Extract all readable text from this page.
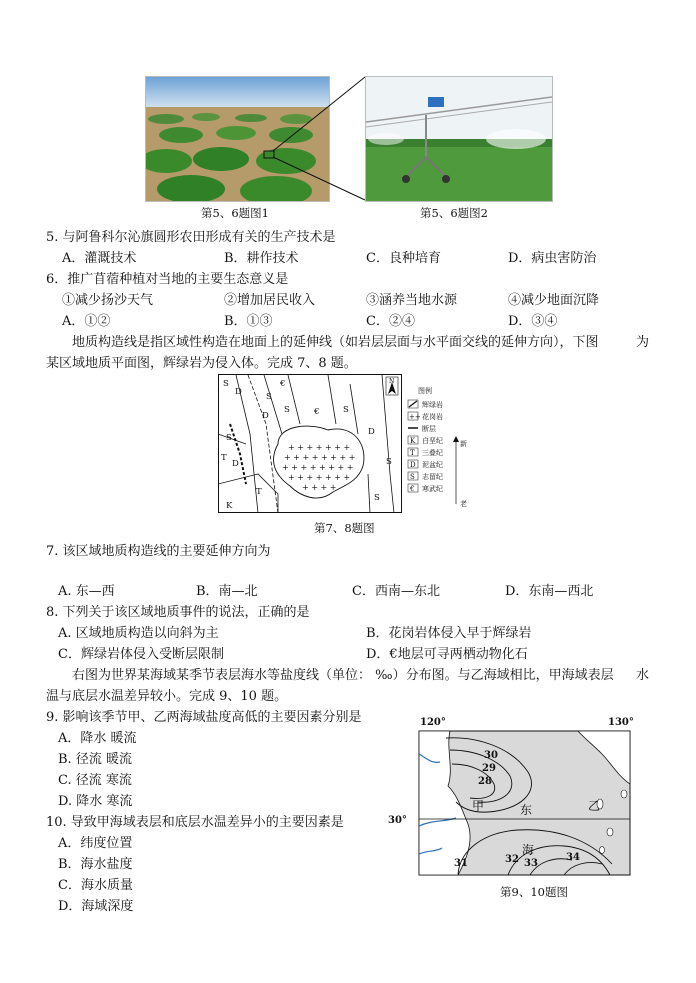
第5、6题图1	第5、6题图2
5. 与阿鲁科尔沁旗圆形农田形成有关的生产技术是
A．灌溉技术	B．耕作技术	C．良种培育	D．病虫害防治
6．推广苜蓿种植对当地的主要生态意义是
①减少扬沙天气	②增加居民收入	③涵养当地水源	④减少地面沉降
A．①②	B．①③	C．②④	D．③④
地质构造线是指区域性构造在地面上的延伸线（如岩层层面与水平面交线的延伸方向），下图	为
某区域地质平面图，辉绿岩为侵入体。完成 7、8 题。
+ + + + + + +
+ + + + + + + +
+ + + + + + + +
+ + + + + + +
+ + + +
N
S
D
€
S
D
S	€	S
D
S
T
T
K
S
D
S
图例
辉绿岩
++ 花岗岩
断层
K 白垩纪
T 三叠纪
D 泥盆纪
S 志留纪
€ 寒武纪
新
老
第7、8题图
7. 该区域地质构造线的主要延伸方向为
A. 东—西	B．南—北	C．西南—东北	D．东南—西北
8. 下列关于该区域地质事件的说法，正确的是
A. 区域地质构造以向斜为主	B．花岗岩体侵入早于辉绿岩
C．辉绿岩体侵入受断层限制	D．€地层可寻两栖动物化石
右图为世界某海域某季节表层海水等盐度线（单位： ‰）分布图。与乙海域相比，甲海域表层 水
温与底层水温差异较小。完成 9、10 题。
9. 影响该季节甲、乙两海域盐度高低的主要因素分别是
A．降水 暖流
B. 径流 暖流
C. 径流 寒流
D. 降水 寒流
10. 导致甲海域表层和底层水温差异小的主要因素是
A．纬度位置
B．海水盐度
C．海水质量
D．海域深度
120°	130°
30°
30
29
28
31	32 33
34
甲	乙
东
海
第9、10题图
